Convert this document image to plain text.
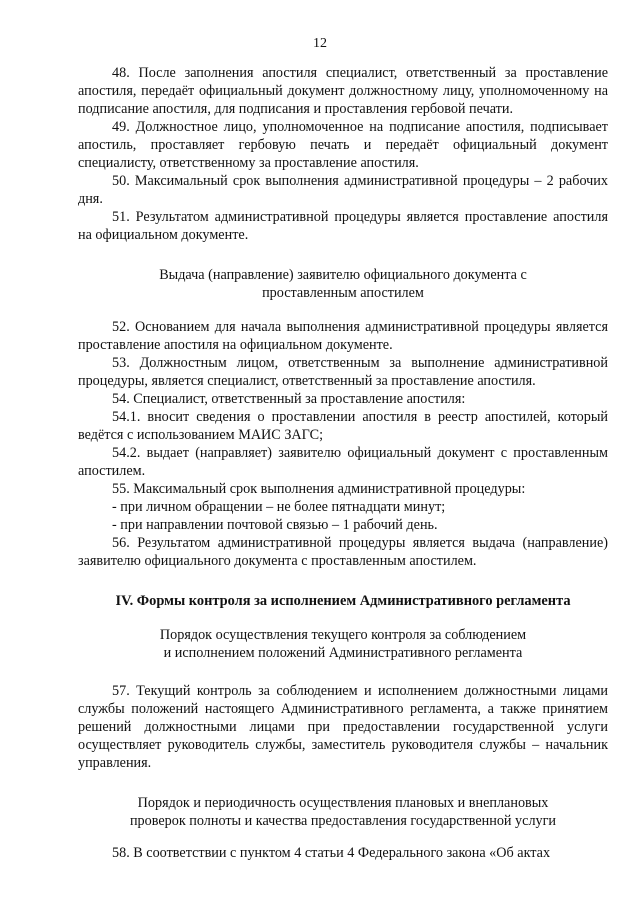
12

48. После заполнения апостиля специалист, ответственный за проставление апостиля, передаёт официальный документ должностному лицу, уполномоченному на подписание апостиля, для подписания и проставления гербовой печати.

49. Должностное лицо, уполномоченное на подписание апостиля, подписывает апостиль, проставляет гербовую печать и передаёт официальный документ специалисту, ответственному за проставление апостиля.

50. Максимальный срок выполнения административной процедуры – 2 рабочих дня.

51. Результатом административной процедуры является проставление апостиля на официальном документе.

Выдача (направление) заявителю официального документа с
проставленным апостилем

52. Основанием для начала выполнения административной процедуры является проставление апостиля на официальном документе.

53. Должностным лицом, ответственным за выполнение административной процедуры, является специалист, ответственный за проставление апостиля.

54. Специалист, ответственный за проставление апостиля:

54.1. вносит сведения о проставлении апостиля в реестр апостилей, который ведётся с использованием МАИС ЗАГС;

54.2. выдает (направляет) заявителю официальный документ с проставленным апостилем.

55. Максимальный срок выполнения административной процедуры:

- при личном обращении – не более пятнадцати минут;

- при направлении почтовой связью – 1 рабочий день.

56. Результатом административной процедуры является выдача (направление) заявителю официального документа с проставленным апостилем.

IV. Формы контроля за исполнением Административного регламента
Порядок осуществления текущего контроля за соблюдением
и исполнением положений Административного регламента

57. Текущий контроль за соблюдением и исполнением должностными лицами службы положений настоящего Административного регламента, а также принятием решений должностными лицами при предоставлении государственной услуги осуществляет руководитель службы, заместитель руководителя службы – начальник управления.

Порядок и периодичность осуществления плановых и внеплановых
проверок полноты и качества предоставления государственной услуги

58. В соответствии с пунктом 4 статьи 4 Федерального закона «Об актах
